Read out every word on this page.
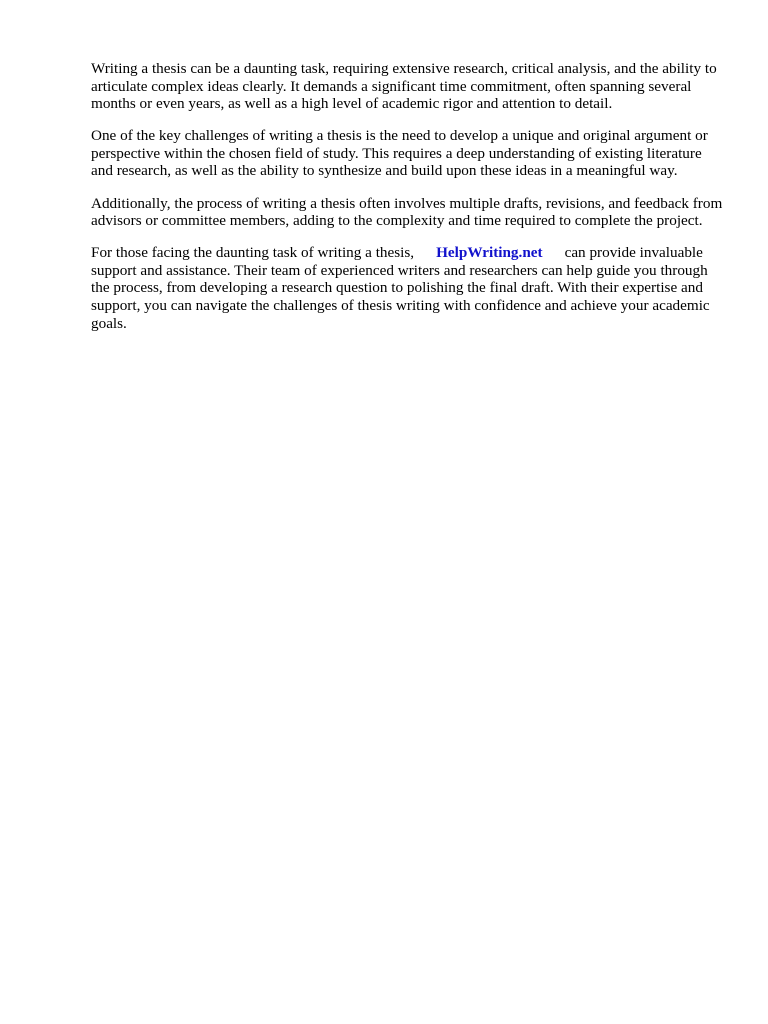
Writing a thesis can be a daunting task, requiring extensive research, critical analysis, and the ability to articulate complex ideas clearly. It demands a significant time commitment, often spanning several months or even years, as well as a high level of academic rigor and attention to detail.

One of the key challenges of writing a thesis is the need to develop a unique and original argument or perspective within the chosen field of study. This requires a deep understanding of existing literature and research, as well as the ability to synthesize and build upon these ideas in a meaningful way.

Additionally, the process of writing a thesis often involves multiple drafts, revisions, and feedback from advisors or committee members, adding to the complexity and time required to complete the project.

For those facing the daunting task of writing a thesis, HelpWriting.net can provide invaluable support and assistance. Their team of experienced writers and researchers can help guide you through the process, from developing a research question to polishing the final draft. With their expertise and support, you can navigate the challenges of thesis writing with confidence and achieve your academic goals.
